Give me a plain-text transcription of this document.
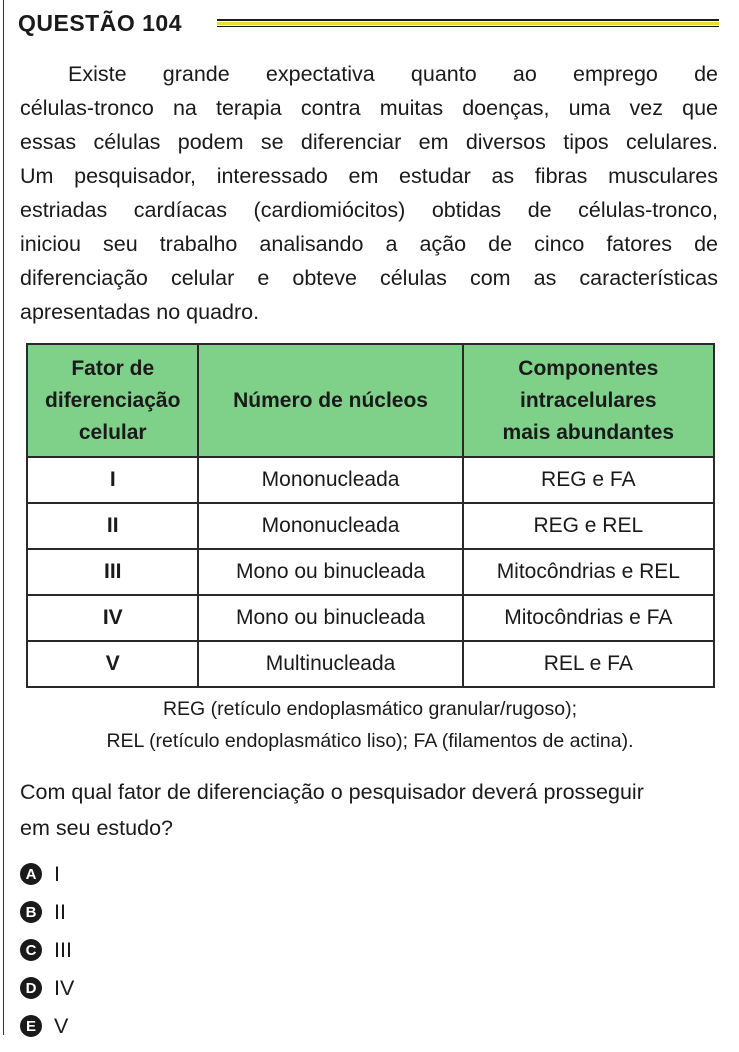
QUESTÃO 104
Existe grande expectativa quanto ao emprego de
células-tronco na terapia contra muitas doenças, uma vez que
essas células podem se diferenciar em diversos tipos celulares.
Um pesquisador, interessado em estudar as fibras musculares
estriadas cardíacas (cardiomiócitos) obtidas de células-tronco,
iniciou seu trabalho analisando a ação de cinco fatores de
diferenciação celular e obteve células com as características
apresentadas no quadro.
Fator de
diferenciação
celular	Número de núcleos	Componentes
intracelulares
mais abundantes
I	Mononucleada	REG e FA
II	Mononucleada	REG e REL
III	Mono ou binucleada	Mitocôndrias e REL
IV	Mono ou binucleada	Mitocôndrias e FA
V	Multinucleada	REL e FA
REG (retículo endoplasmático granular/rugoso);
REL (retículo endoplasmático liso); FA (filamentos de actina).
Com qual fator de diferenciação o pesquisador deverá prosseguir
em seu estudo?
A I
B II
C III
D IV
E V
